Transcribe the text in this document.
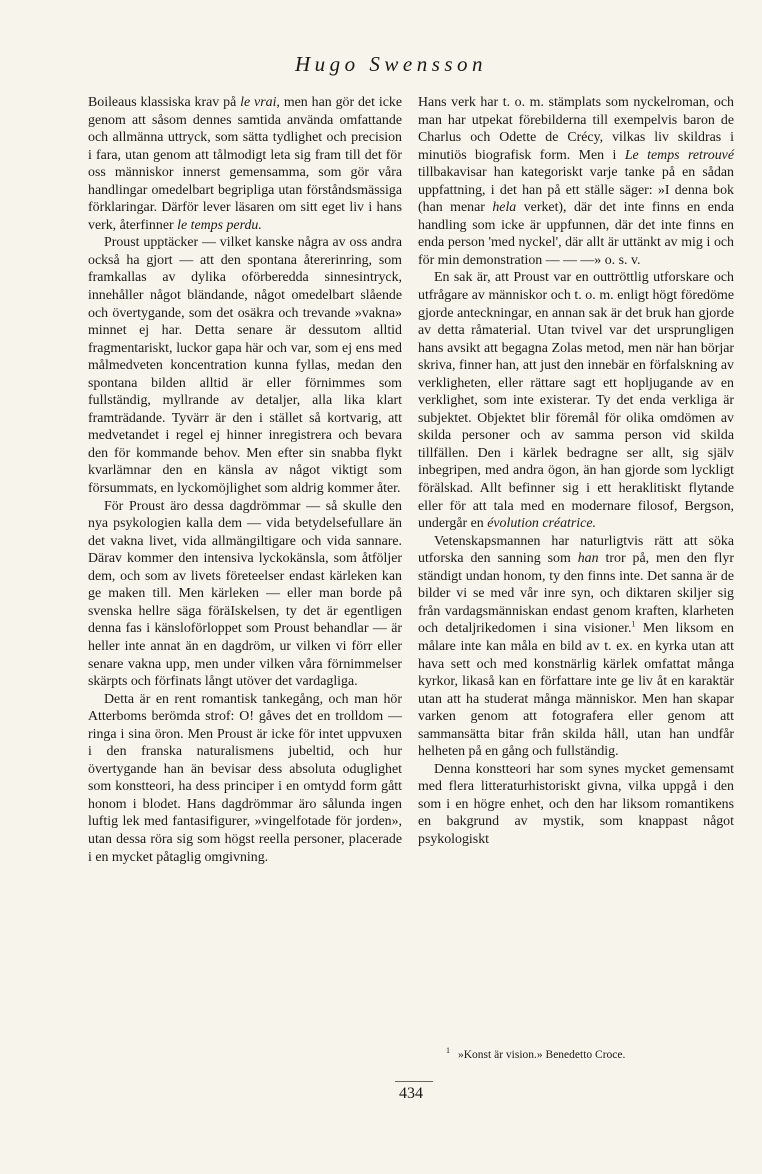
Hugo Swensson

Boileaus klassiska krav på le vrai, men han gör det icke genom att såsom dennes samtida använda omfattande och allmänna uttryck, som sätta tydlighet och precision i fara, utan genom att tålmodigt leta sig fram till det för oss människor innerst gemensamma, som gör våra handlingar omedelbart begripliga utan förståndsmässiga förklaringar. Därför lever läsaren om sitt eget liv i hans verk, återfinner le temps perdu.

Proust upptäcker — vilket kanske några av oss andra också ha gjort — att den spontana återerinring, som framkallas av dylika oförberedda sinnesintryck, innehåller något bländande, något omedelbart slående och övertygande, som det osäkra och trevande »vakna» minnet ej har. Detta senare är dessutom alltid fragmentariskt, luckor gapa här och var, som ej ens med målmedveten koncentration kunna fyllas, medan den spontana bilden alltid är eller förnimmes som fullständig, myllrande av detaljer, alla lika klart framträdande. Tyvärr är den i stället så kortvarig, att medvetandet i regel ej hinner inregistrera och bevara den för kommande behov. Men efter sin snabba flykt kvarlämnar den en känsla av något viktigt som försummats, en lyckomöjlighet som aldrig kommer åter.

För Proust äro dessa dagdrömmar — så skulle den nya psykologien kalla dem — vida betydelsefullare än det vakna livet, vida allmängiltigare och vida sannare. Därav kommer den intensiva lyckokänsla, som åtföljer dem, och som av livets företeelser endast kärleken kan ge maken till. Men kärleken — eller man borde på svenska hellre säga föräIskelsen, ty det är egentligen denna fas i känsloförloppet som Proust behandlar — är heller inte annat än en dagdröm, ur vilken vi förr eller senare vakna upp, men under vilken våra förnimmelser skärpts och förfinats långt utöver det vardagliga.

Detta är en rent romantisk tankegång, och man hör Atterboms berömda strof: O! gåves det en trolldom — ringa i sina öron. Men Proust är icke för intet uppvuxen i den franska naturalismens jubeltid, och hur övertygande han än bevisar dess absoluta oduglighet som konstteori, ha dess principer i en omtydd form gått honom i blodet. Hans dagdrömmar äro sålunda ingen luftig lek med fantasifigurer, »vingelfotade för jorden», utan dessa röra sig som högst reella personer, placerade i en mycket påtaglig omgivning.

Hans verk har t. o. m. stämplats som nyckelroman, och man har utpekat förebilderna till exempelvis baron de Charlus och Odette de Crécy, vilkas liv skildras i minutiös biografisk form. Men i Le temps retrouvé tillbakavisar han kategoriskt varje tanke på en sådan uppfattning, i det han på ett ställe säger: »I denna bok (han menar hela verket), där det inte finns en enda handling som icke är uppfunnen, där det inte finns en enda person 'med nyckel', där allt är uttänkt av mig i och för min demonstration — — —» o. s. v.

En sak är, att Proust var en outtröttlig utforskare och utfrågare av människor och t. o. m. enligt högt föredöme gjorde anteckningar, en annan sak är det bruk han gjorde av detta råmaterial. Utan tvivel var det ursprungligen hans avsikt att begagna Zolas metod, men när han börjar skriva, finner han, att just den innebär en förfalskning av verkligheten, eller rättare sagt ett hopljugande av en verklighet, som inte existerar. Ty det enda verkliga är subjektet. Objektet blir föremål för olika omdömen av skilda personer och av samma person vid skilda tillfällen. Den i kärlek bedragne ser allt, sig själv inbegripen, med andra ögon, än han gjorde som lyckligt förälskad. Allt befinner sig i ett heraklitiskt flytande eller för att tala med en modernare filosof, Bergson, undergår en évolution créatrice.

Vetenskapsmannen har naturligtvis rätt att söka utforska den sanning som han tror på, men den flyr ständigt undan honom, ty den finns inte. Det sanna är de bilder vi se med vår inre syn, och diktaren skiljer sig från vardagsmänniskan endast genom kraften, klarheten och detaljrikedomen i sina visioner.$^1$ Men liksom en målare inte kan måla en bild av t. ex. en kyrka utan att hava sett och med konstnärlig kärlek omfattat många kyrkor, likaså kan en författare inte ge liv åt en karaktär utan att ha studerat många människor. Men han skapar varken genom att fotografera eller genom att sammansätta bitar från skilda håll, utan han undfår helheten på en gång och fullständig.

Denna konstteori har som synes mycket gemensamt med flera litteraturhistoriskt givna, vilka uppgå i den som i en högre enhet, och den har liksom romantikens en bakgrund av mystik, som knappast något psykologiskt

$^1$ »Konst är vision.» Benedetto Croce.
434
